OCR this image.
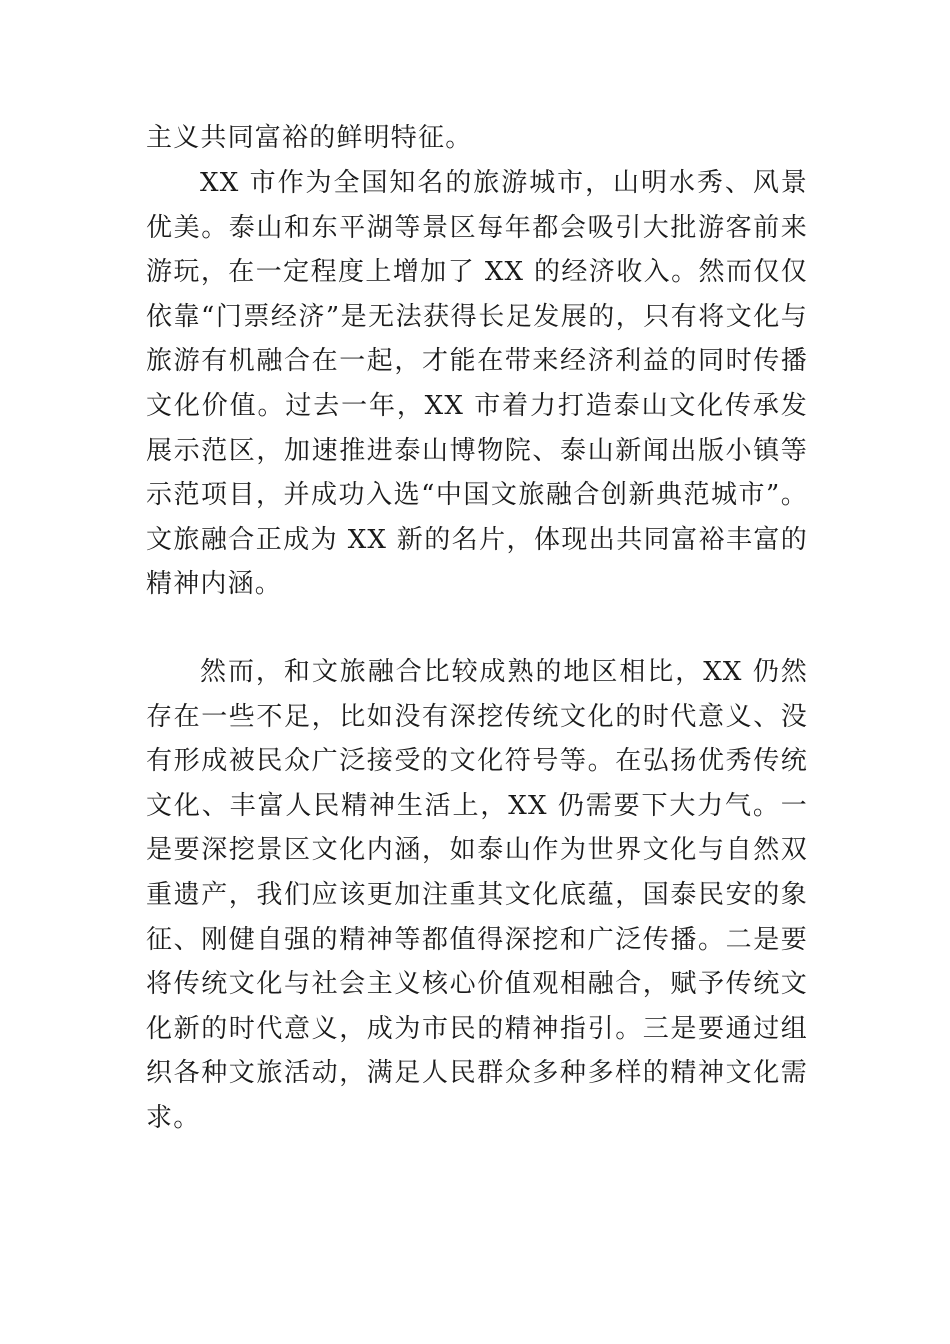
主义共同富裕的鲜明特征。

XX 市作为全国知名的旅游城市，山明水秀、风景优美。泰山和东平湖等景区每年都会吸引大批游客前来游玩，在一定程度上增加了 XX 的经济收入。然而仅仅依靠“门票经济”是无法获得长足发展的，只有将文化与旅游有机融合在一起，才能在带来经济利益的同时传播文化价值。过去一年，XX 市着力打造泰山文化传承发展示范区，加速推进泰山博物院、泰山新闻出版小镇等示范项目，并成功入选“中国文旅融合创新典范城市”。文旅融合正成为 XX 新的名片，体现出共同富裕丰富的精神内涵。

然而，和文旅融合比较成熟的地区相比，XX 仍然存在一些不足，比如没有深挖传统文化的时代意义、没有形成被民众广泛接受的文化符号等。在弘扬优秀传统文化、丰富人民精神生活上，XX 仍需要下大力气。一是要深挖景区文化内涵，如泰山作为世界文化与自然双重遗产，我们应该更加注重其文化底蕴，国泰民安的象征、刚健自强的精神等都值得深挖和广泛传播。二是要将传统文化与社会主义核心价值观相融合，赋予传统文化新的时代意义，成为市民的精神指引。三是要通过组织各种文旅活动，满足人民群众多种多样的精神文化需求。
